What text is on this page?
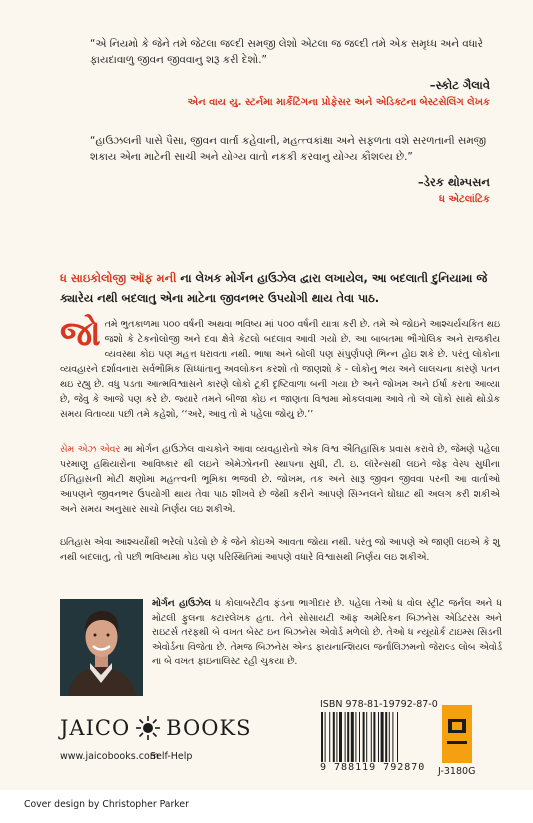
“એ નિયમો કે જેને તમે જેટલા જલ્દી સમજી લેશો એટલા જ જલ્દી તમે એક સમૃધ્ધ અને વધારે ફાયદાવાળુ જીવન જીવવાનુ શરૂ કરી દેશો.”
–સ્કોટ ગૈલાવે
એન વાય યુ. સ્ટર્નમા માર્કેટિંગના પ્રોફેસર અને એડિક્ટના બેસ્ટસેલિંગ લેખક
“હાઉઝલની પાસે પૈસા, જીવન વાર્તા કહેવાની, મહત્ત્વકાંક્ષા અને સફળતા વશે સરળતાની સમજી શકાય એના માટેની સાચી અને યોગ્ય વાતો નકકી કરવાનુ યોગ્ય કૌશલ્ય છે.”
–ડેરક થોમ્પસન
ધ એટલાંટિક
ધ સાઇકોલોજી ઑફ મની ના લેખક મોર્ગન હાઉઝેલ દ્વારા લખાયેલ, આ બદલાતી દુનિયામા જે ક્યારેય નથી બદલાતુ એના માટેના જીવનભર ઉપયોગી થાય તેવા પાઠ.
જોતમે ભુતકાળમા ૫૦૦ વર્ષની અથવા ભવિષ્ય માં ૫૦૦ વર્ષની યાત્રા કરી છે. તમે એ જોઇને આશ્ચર્યચકિત થઇ જશો કે ટેકનોલોજી અને દવા ક્ષેત્રે કેટલો બદલાવ આવી ગયો છે. આ બાબતમા ભૌગોલિક અને રાજકીય વ્યવસ્થા કોઇ પણ મહત્ત ધરાવતા નથી. ભાષા અને બોલી પણ સંપુર્ણપણે ભિન્ન હોઇ શકે છે. પરંતુ લોકોના વ્યવહારને દર્શાવનારા સર્વભૌમિક સિધ્ધાંતાનુ અવલોકન કરશો તો જાણશો કે - લોકોનુ ભય અને લાલચના કારણે પતન થઇ રહ્યુ છે. વધુ પડતા આત્મવિશ્વાસને કારણે લોકો ટૂકી દૃષ્ટિવાળા બની ગયા છે અને જોખમ અને ઈર્ષા કરતા આવ્યા છે, જેવુ કે આજે પણ કરે છે. જ્યારે તમને બીજા કોઇ ન જાણતા વિશ્વમા મોકલવામા આવે તો એ લોકો સાથે થોડોક સમય વિતાવ્યા પછી તમે કહેશો, ‘‘અરે, આવુ તો મે પહેલા જોયુ છે.’’
સેમ એઝ એવર મા મોર્ગન હાઉઝેલ વાચકોને આવા વ્યવહારોનો એક વિશ્વ ઐતિહાસિક પ્રવાસ કરાવે છે, જેમણે પહેલા પરમાણુ હથિયારોના આવિષ્કાર થી લઇને એમેઝોનની સ્થાપના સુધી, ટી. ઇ. લૉરેન્સથી લઇને જેફ વેસ્પ સુધીના ઈતિહાસની મોટી ક્ષણોમા મહત્ત્વની ભૂમિકા ભજવી છે. જોખમ, તક અને સારૂ જીવન જીવવા પરની આ વાર્તાઓ આપણને જીવનભર ઉપયોગી થાય તેવા પાઠ શીખવે છે જેથી કરીને આપણે સિગ્નલને ઘોંઘાટ થી અલગ કરી શકીએ અને સમય અનુસાર સાચો નિર્ણય લઇ શકીએ.
ઇતિહાસ એવા આશ્ચર્યોથી ભરેલો પડેલો છે કે જેને કોઇએ આવતા જોયા નથી. પરંતુ જો આપણે એ જાણી લઇએ કે શુ નથી બદલાતુ, તો પછી ભવિષ્યમા કોઇ પણ પરિસ્થિતિમાં આપણે વધારે વિશ્વાસથી નિર્ણય લઇ શકીએ.
મોર્ગન હાઉઝેલ ધ કોલાબરેટીવ ફંડના ભાગીદાર છે. પહેલા તેઓ ધ વોલ સ્ટ્રીટ જર્નલ અને ધ મોટલી ફુલના કટારલેખક હતા. તેને સોસાયટી ઑફ અમેરિકન બિઝનેસ એડિટરસ અને રાઇટર્સ તરફથી બે વખત બેસ્ટ ઇન બિઝનેસ એવોર્ડ મળેલો છે. તેઓ ધ ન્યૂયોર્ક ટાઇમ્સ સિડની એવોર્ડના વિજેતા છે. તેમજ બિઝનેસ એન્ડ ફાયનાન્શિયલ જર્નાલિઝમનો જેરાલ્ડ લોબ એવોર્ડ ના બે વખત ફાઇનાલિસ્ટ રહી ચુકયા છે.
JAICO BOOKS
www.jaicobooks.com
Self-Help
ISBN 978-81-19792-87-0
9 788119 792870 J-3180G
Cover design by Christopher Parker
